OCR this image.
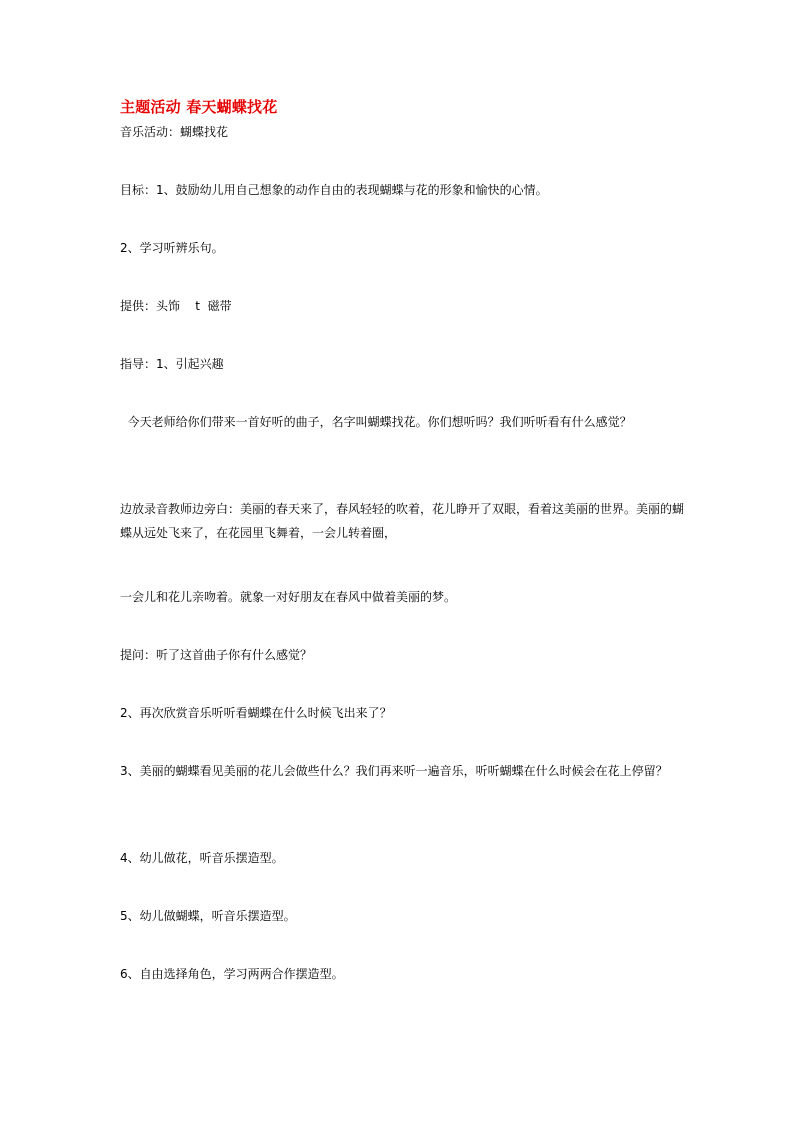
主题活动 春天蝴蝶找花
音乐活动：蝴蝶找花
目标：1、鼓励幼儿用自己想象的动作自由的表现蝴蝶与花的形象和愉快的心情。
2、学习听辨乐句。
提供：头饰    t  磁带
指导：1、引起兴趣
今天老师给你们带来一首好听的曲子，名字叫蝴蝶找花。你们想听吗？我们听听看有什么感觉？
边放录音教师边旁白：美丽的春天来了，春风轻轻的吹着，花儿睁开了双眼，看着这美丽的世界。美丽的蝴蝶从远处飞来了，在花园里飞舞着，一会儿转着圈，
一会儿和花儿亲吻着。就象一对好朋友在春风中做着美丽的梦。
提问：听了这首曲子你有什么感觉？
2、再次欣赏音乐听听看蝴蝶在什么时候飞出来了？
3、美丽的蝴蝶看见美丽的花儿会做些什么？我们再来听一遍音乐，听听蝴蝶在什么时候会在花上停留？
4、幼儿做花，听音乐摆造型。
5、幼儿做蝴蝶，听音乐摆造型。
6、自由选择角色，学习两两合作摆造型。
